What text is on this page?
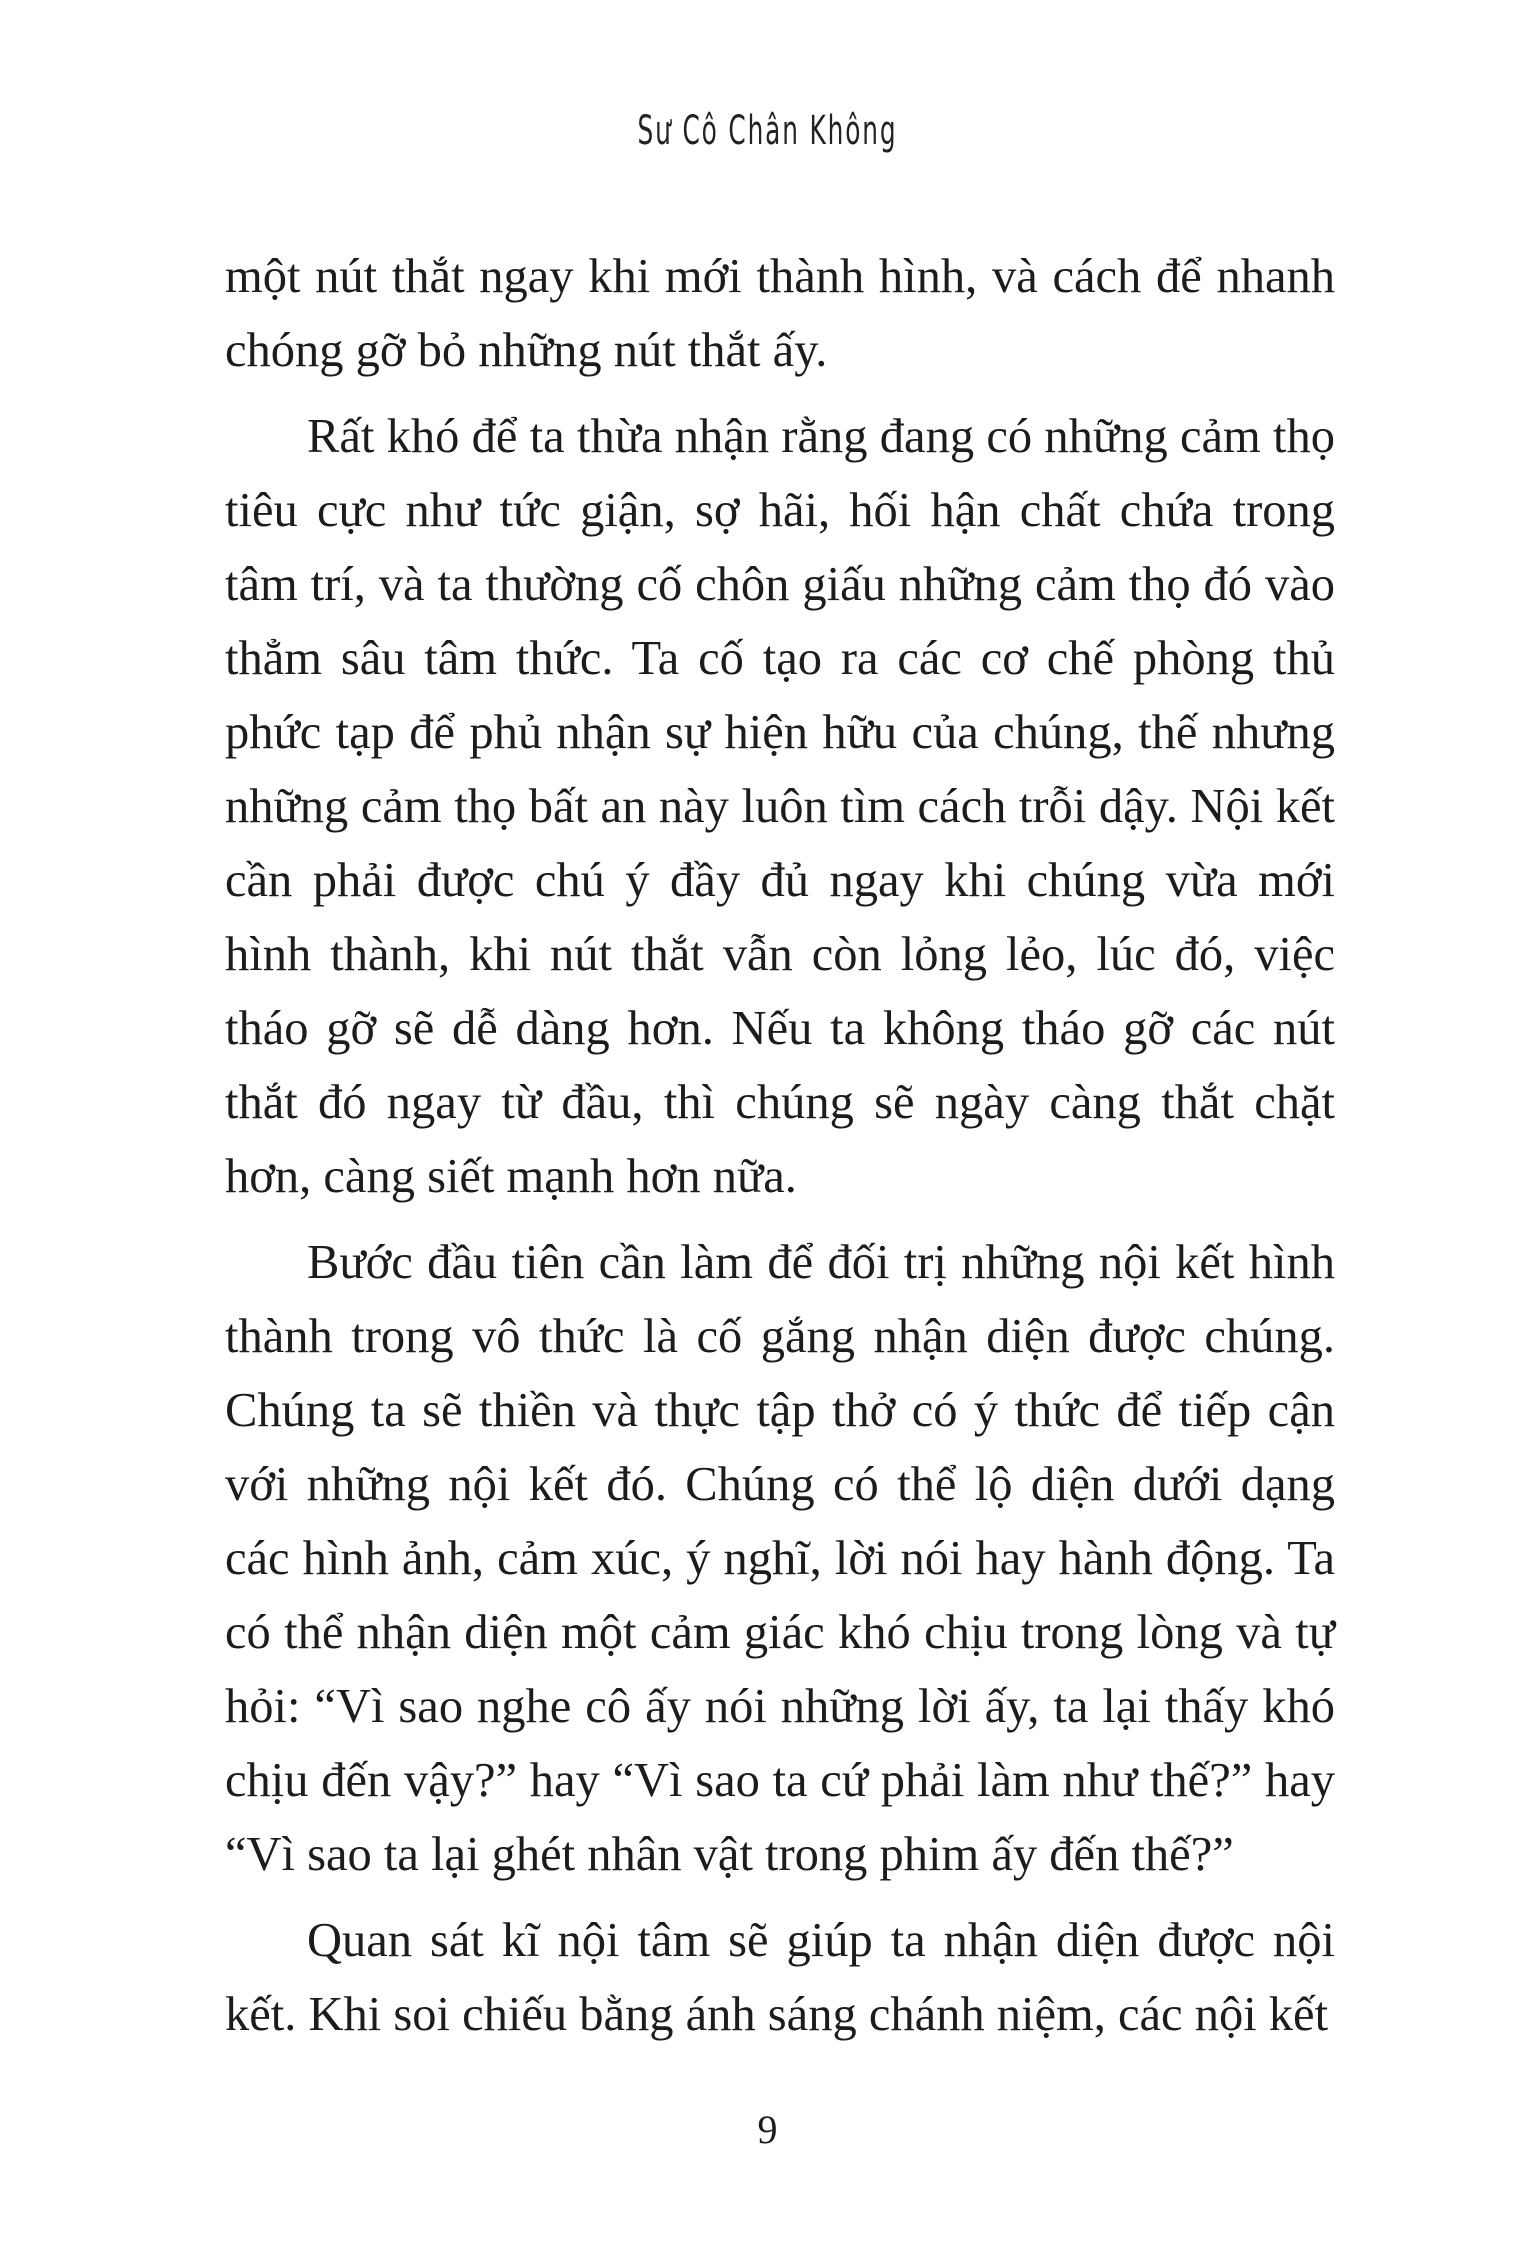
Sư Cô Chân Không

một nút thắt ngay khi mới thành hình, và cách để nhanh chóng gỡ bỏ những nút thắt ấy.

Rất khó để ta thừa nhận rằng đang có những cảm thọ tiêu cực như tức giận, sợ hãi, hối hận chất chứa trong tâm trí, và ta thường cố chôn giấu những cảm thọ đó vào thẳm sâu tâm thức. Ta cố tạo ra các cơ chế phòng thủ phức tạp để phủ nhận sự hiện hữu của chúng, thế nhưng những cảm thọ bất an này luôn tìm cách trỗi dậy. Nội kết cần phải được chú ý đầy đủ ngay khi chúng vừa mới hình thành, khi nút thắt vẫn còn lỏng lẻo, lúc đó, việc tháo gỡ sẽ dễ dàng hơn. Nếu ta không tháo gỡ các nút thắt đó ngay từ đầu, thì chúng sẽ ngày càng thắt chặt hơn, càng siết mạnh hơn nữa.

Bước đầu tiên cần làm để đối trị những nội kết hình thành trong vô thức là cố gắng nhận diện được chúng. Chúng ta sẽ thiền và thực tập thở có ý thức để tiếp cận với những nội kết đó. Chúng có thể lộ diện dưới dạng các hình ảnh, cảm xúc, ý nghĩ, lời nói hay hành động. Ta có thể nhận diện một cảm giác khó chịu trong lòng và tự hỏi: “Vì sao nghe cô ấy nói những lời ấy, ta lại thấy khó chịu đến vậy?” hay “Vì sao ta cứ phải làm như thế?” hay “Vì sao ta lại ghét nhân vật trong phim ấy đến thế?”

Quan sát kĩ nội tâm sẽ giúp ta nhận diện được nội kết. Khi soi chiếu bằng ánh sáng chánh niệm, các nội kết

9
